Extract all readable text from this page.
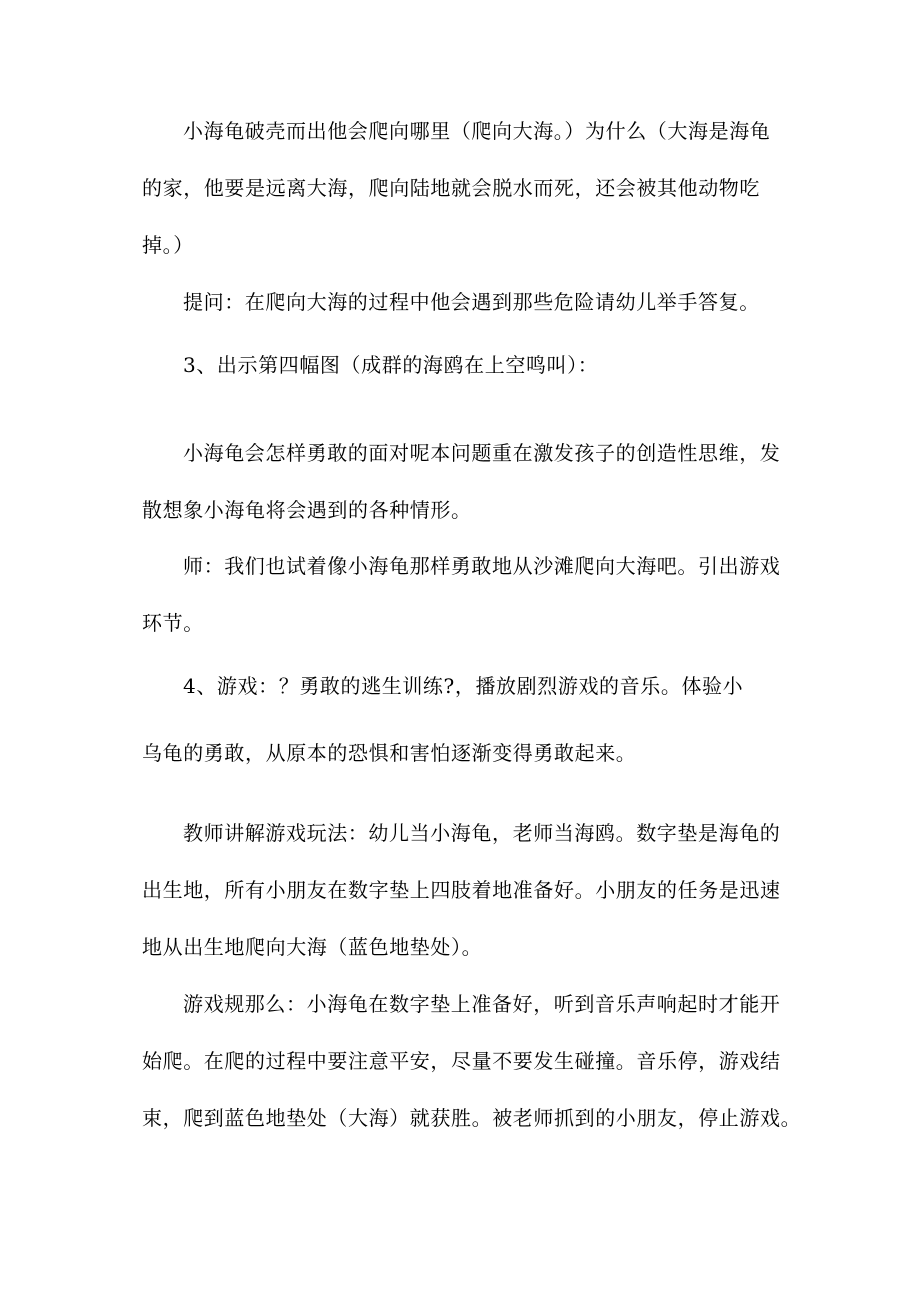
小海龟破壳而出他会爬向哪里（爬向大海。）为什么（大海是海龟
的家，他要是远离大海，爬向陆地就会脱水而死，还会被其他动物吃
掉。）
提问：在爬向大海的过程中他会遇到那些危险请幼儿举手答复。
3、出示第四幅图（成群的海鸥在上空鸣叫）：
小海龟会怎样勇敢的面对呢本问题重在激发孩子的创造性思维，发
散想象小海龟将会遇到的各种情形。
师：我们也试着像小海龟那样勇敢地从沙滩爬向大海吧。引出游戏
环节。
4、游戏：？勇敢的逃生训练?，播放剧烈游戏的音乐。体验小
乌龟的勇敢，从原本的恐惧和害怕逐渐变得勇敢起来。
教师讲解游戏玩法：幼儿当小海龟，老师当海鸥。数字垫是海龟的
出生地，所有小朋友在数字垫上四肢着地准备好。小朋友的任务是迅速
地从出生地爬向大海（蓝色地垫处）。
游戏规那么：小海龟在数字垫上准备好，听到音乐声响起时才能开
始爬。在爬的过程中要注意平安，尽量不要发生碰撞。音乐停，游戏结
束，爬到蓝色地垫处（大海）就获胜。被老师抓到的小朋友，停止游戏。
